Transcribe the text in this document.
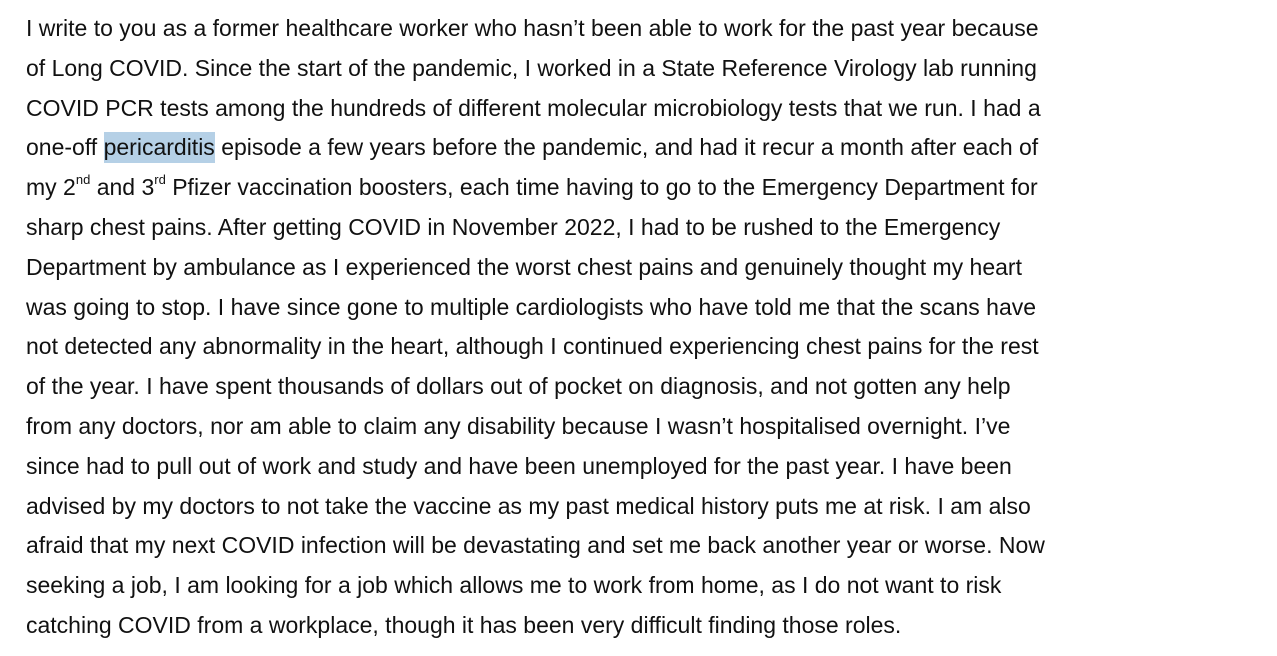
I write to you as a former healthcare worker who hasn’t been able to work for the past year because
of Long COVID. Since the start of the pandemic, I worked in a State Reference Virology lab running
COVID PCR tests among the hundreds of different molecular microbiology tests that we run. I had a
one-off pericarditis episode a few years before the pandemic, and had it recur a month after each of
my 2nd and 3rd Pfizer vaccination boosters, each time having to go to the Emergency Department for
sharp chest pains. After getting COVID in November 2022, I had to be rushed to the Emergency
Department by ambulance as I experienced the worst chest pains and genuinely thought my heart
was going to stop. I have since gone to multiple cardiologists who have told me that the scans have
not detected any abnormality in the heart, although I continued experiencing chest pains for the rest
of the year. I have spent thousands of dollars out of pocket on diagnosis, and not gotten any help
from any doctors, nor am able to claim any disability because I wasn’t hospitalised overnight. I’ve
since had to pull out of work and study and have been unemployed for the past year. I have been
advised by my doctors to not take the vaccine as my past medical history puts me at risk. I am also
afraid that my next COVID infection will be devastating and set me back another year or worse. Now
seeking a job, I am looking for a job which allows me to work from home, as I do not want to risk
catching COVID from a workplace, though it has been very difficult finding those roles.
